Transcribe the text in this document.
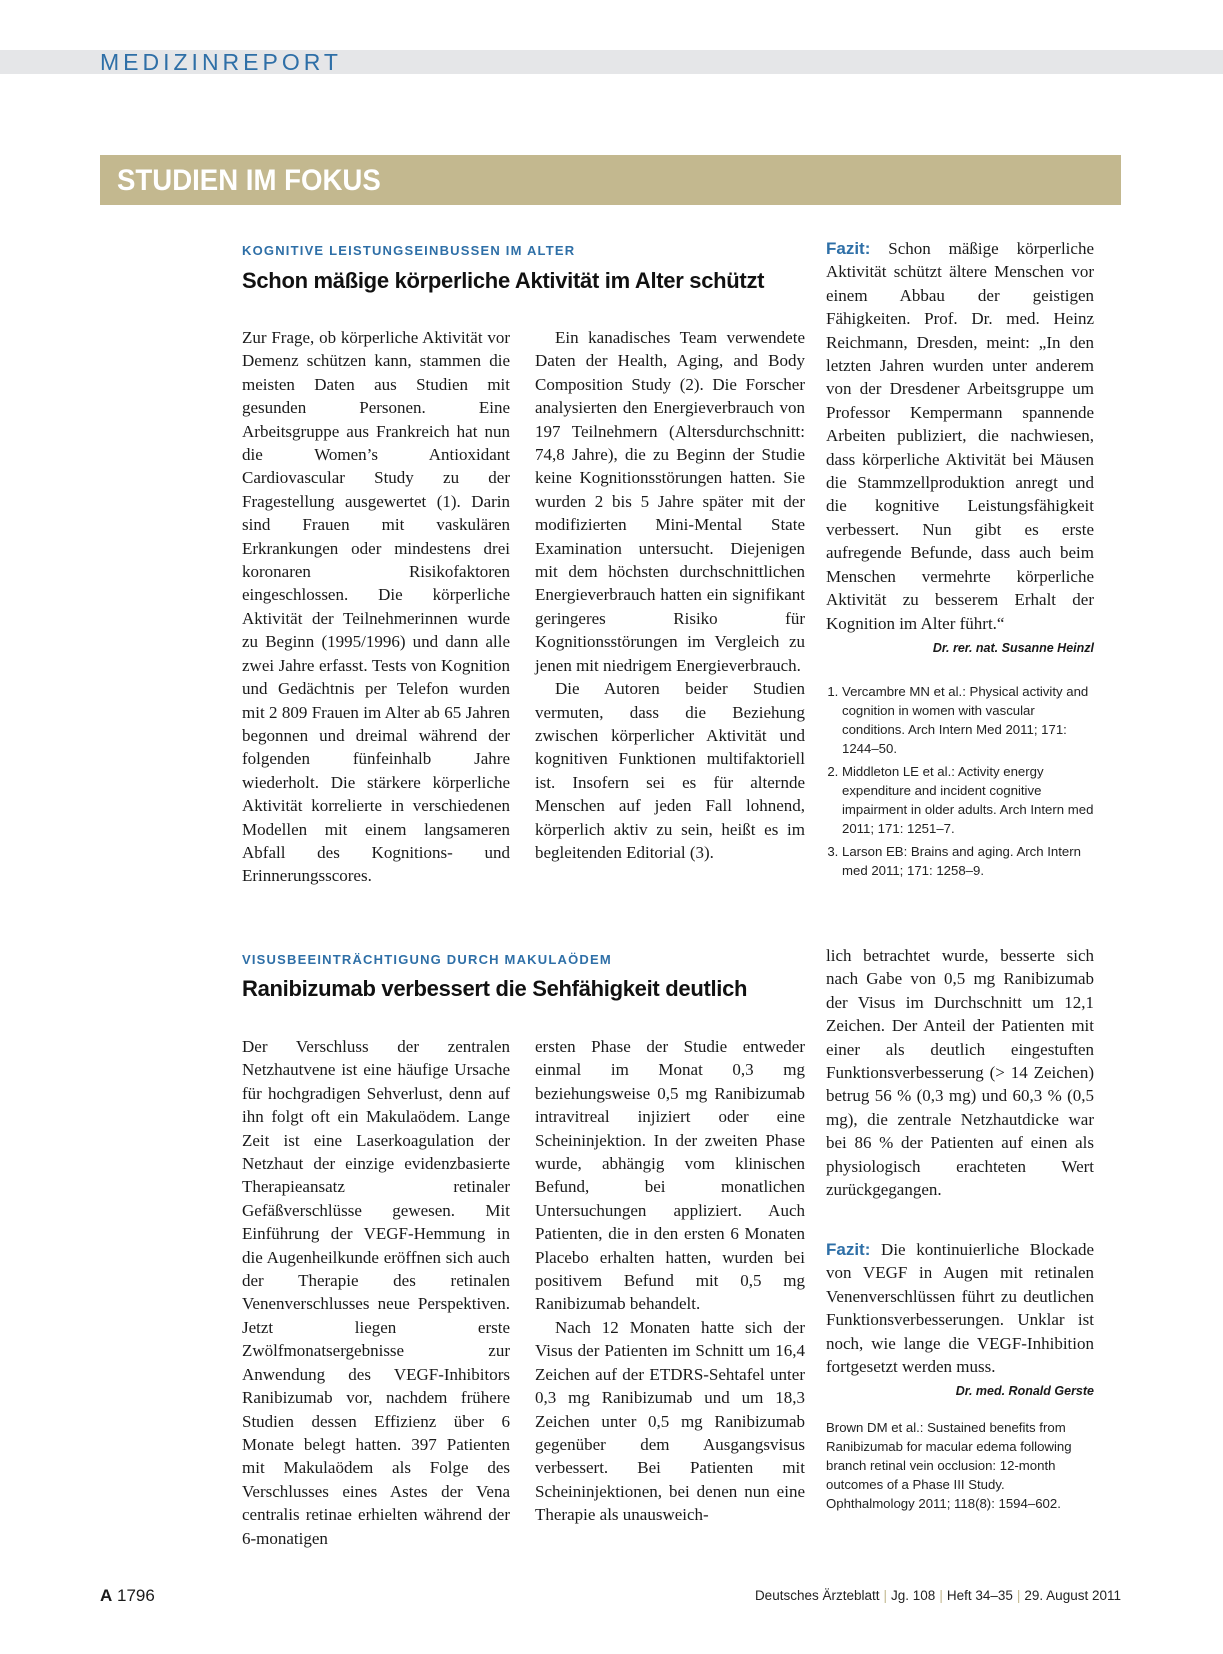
MEDIZINREPORT
STUDIEN IM FOKUS
KOGNITIVE LEISTUNGSEINBUSSEN IM ALTER
Schon mäßige körperliche Aktivität im Alter schützt

Zur Frage, ob körperliche Aktivität vor Demenz schützen kann, stammen die meisten Daten aus Studien mit gesunden Personen. Eine Arbeitsgruppe aus Frankreich hat nun die Women’s Antioxidant Cardiovascular Study zu der Fragestellung ausgewertet (1). Darin sind Frauen mit vaskulären Erkrankungen oder mindestens drei koronaren Risikofaktoren eingeschlossen. Die körperliche Aktivität der Teilnehmerinnen wurde zu Beginn (1995/1996) und dann alle zwei Jahre erfasst. Tests von Kognition und Gedächtnis per Telefon wurden mit 2 809 Frauen im Alter ab 65 Jahren begonnen und dreimal während der folgenden fünfeinhalb Jahre wiederholt. Die stärkere körperliche Aktivität korrelierte in verschiedenen Modellen mit einem langsameren Abfall des Kognitions- und Erinnerungsscores.

Ein kanadisches Team verwendete Daten der Health, Aging, and Body Composition Study (2). Die Forscher analysierten den Energieverbrauch von 197 Teilnehmern (Altersdurchschnitt: 74,8 Jahre), die zu Beginn der Studie keine Kognitionsstörungen hatten. Sie wurden 2 bis 5 Jahre später mit der modifizierten Mini-Mental State Examination untersucht. Diejenigen mit dem höchsten durchschnittlichen Energieverbrauch hatten ein signifikant geringeres Risiko für Kognitionsstörungen im Vergleich zu jenen mit niedrigem Energieverbrauch.

Die Autoren beider Studien vermuten, dass die Beziehung zwischen körperlicher Aktivität und kognitiven Funktionen multifaktoriell ist. Insofern sei es für alternde Menschen auf jeden Fall lohnend, körperlich aktiv zu sein, heißt es im begleitenden Editorial (3).

Fazit: Schon mäßige körperliche Aktivität schützt ältere Menschen vor einem Abbau der geistigen Fähigkeiten. Prof. Dr. med. Heinz Reichmann, Dresden, meint: „In den letzten Jahren wurden unter anderem von der Dresdener Arbeitsgruppe um Professor Kempermann spannende Arbeiten publiziert, die nachwiesen, dass körperliche Aktivität bei Mäusen die Stammzellproduktion anregt und die kognitive Leistungsfähigkeit verbessert. Nun gibt es erste aufregende Befunde, dass auch beim Menschen vermehrte körperliche Aktivität zu besserem Erhalt der Kognition im Alter führt.“
Dr. rer. nat. Susanne Heinzl

1. Vercambre MN et al.: Physical activity and cognition in women with vascular conditions. Arch Intern Med 2011; 171: 1244–50.
2. Middleton LE et al.: Activity energy expenditure and incident cognitive impairment in older adults. Arch Intern med 2011; 171: 1251–7.
3. Larson EB: Brains and aging. Arch Intern med 2011; 171: 1258–9.
VISUSBEEINTRÄCHTIGUNG DURCH MAKULAÖDEM
Ranibizumab verbessert die Sehfähigkeit deutlich

Der Verschluss der zentralen Netzhautvene ist eine häufige Ursache für hochgradigen Sehverlust, denn auf ihn folgt oft ein Makulaödem. Lange Zeit ist eine Laserkoagulation der Netzhaut der einzige evidenzbasierte Therapieansatz retinaler Gefäßverschlüsse gewesen. Mit Einführung der VEGF-Hemmung in die Augenheilkunde eröffnen sich auch der Therapie des retinalen Venenverschlusses neue Perspektiven. Jetzt liegen erste Zwölfmonatsergebnisse zur Anwendung des VEGF-Inhibitors Ranibizumab vor, nachdem frühere Studien dessen Effizienz über 6 Monate belegt hatten. 397 Patienten mit Makulaödem als Folge des Verschlusses eines Astes der Vena centralis retinae erhielten während der 6-monatigen

ersten Phase der Studie entweder einmal im Monat 0,3 mg beziehungsweise 0,5 mg Ranibizumab intravitreal injiziert oder eine Scheininjektion. In der zweiten Phase wurde, abhängig vom klinischen Befund, bei monatlichen Untersuchungen appliziert. Auch Patienten, die in den ersten 6 Monaten Placebo erhalten hatten, wurden bei positivem Befund mit 0,5 mg Ranibizumab behandelt.

Nach 12 Monaten hatte sich der Visus der Patienten im Schnitt um 16,4 Zeichen auf der ETDRS-Sehtafel unter 0,3 mg Ranibizumab und um 18,3 Zeichen unter 0,5 mg Ranibizumab gegenüber dem Ausgangsvisus verbessert. Bei Patienten mit Scheininjektionen, bei denen nun eine Therapie als unausweich-

lich betrachtet wurde, besserte sich nach Gabe von 0,5 mg Ranibizumab der Visus im Durchschnitt um 12,1 Zeichen. Der Anteil der Patienten mit einer als deutlich eingestuften Funktionsverbesserung (> 14 Zeichen) betrug 56 % (0,3 mg) und 60,3 % (0,5 mg), die zentrale Netzhautdicke war bei 86 % der Patienten auf einen als physiologisch erachteten Wert zurückgegangen.

Fazit: Die kontinuierliche Blockade von VEGF in Augen mit retinalen Venenverschlüssen führt zu deutlichen Funktionsverbesserungen. Unklar ist noch, wie lange die VEGF-Inhibition fortgesetzt werden muss.
Dr. med. Ronald Gerste

Brown DM et al.: Sustained benefits from Ranibizumab for macular edema following branch retinal vein occlusion: 12-month outcomes of a Phase III Study. Ophthalmology 2011; 118(8): 1594–602.
A 1796	Deutsches Ärzteblatt | Jg. 108 | Heft 34–35 | 29. August 2011
